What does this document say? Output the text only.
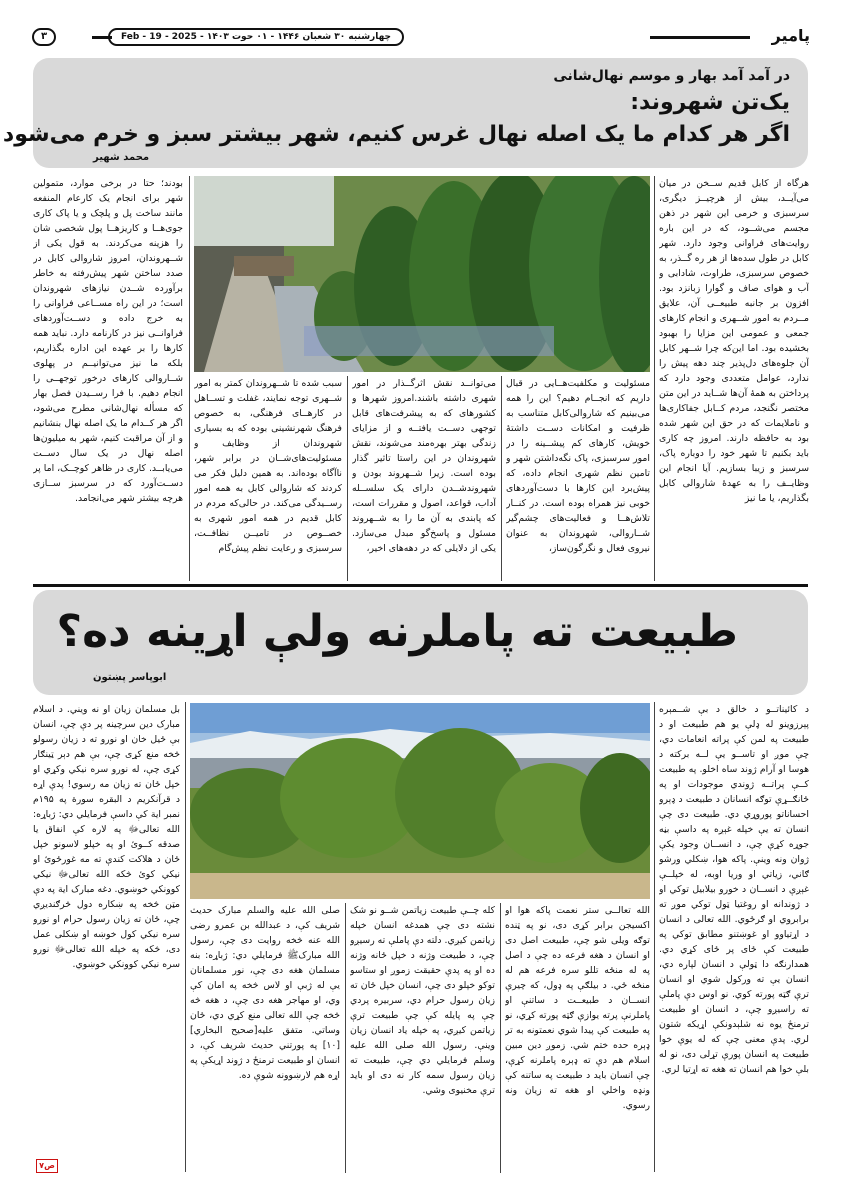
پامیر
چهارشنبه ۳۰ شعبان ۱۴۴۶ - ۰۱ حوت ۱۴۰۳ - Feb - 19 - 2025
۳
در آمد آمد بهار و موسم نهال‌شانی
یک‌تن شهروند:
اگر هر کدام ما یک اصله نهال غرس کنیم، شهر بیشتر سبز و خرم می‌شود
محمد شهیر

هرگاه از کابل قدیم ســخن در میان می‌آیــد، بیش از هرچیــز دیگری، سرسبزی و خرمی این شهر در ذهن مجسم می‌شــود، که در این باره روایت‌های فراوانی وجود دارد. شهر کابل در طول سده‌ها از هر ره گــذر، به خصوص سرسبزی، طراوت، شادابی و آب و هوای صاف و گوارا زبانزد بود. افزون بر جانبه طبیعــی آن، علایق مــردم به امور شــهری و انجام کارهای جمعی و عمومی این مزایا را بهبود بخشیده بود. اما این‌که چرا شــهر کابل آن جلوه‌های دل‌پذیر چند دهه پیش را ندارد، عوامل متعددی وجود دارد که پرداختن به همهٔ آن‌ها شــاید در این متن مختصر نگنجد، مردم کــابل جفاکاری‌ها و ناملایمات که در حق این شهر شده بود به حافظه دارند. امروز چه کاری باید بکنیم تا شهر خود را دوباره پاک، سرسبز و زیبا بسازیم. آیا انجام این وظایــف را به عهدهٔ شاروالی کابل بگذاریم، یا ما نیز

مسئولیت و مکلفیت‌هــایی در قبال داریم که انجــام دهیم؟ این را همه می‌بینیم که شاروالی‌کابل متناسب به ظرفیت و امکانات دســت داشتهٔ خویش، کارهای کم پیشــینه را در امور سرسبزی، پاک نگه‌داشتن شهر و تامین نظم شهری انجام داده، که پیش‌برد این کارها با دست‌آوردهای خوبی نیز همراه بوده است. در کنــار تلاش‌هــا و فعالیت‌های چشم‌گیر شــاروالی، شهروندان به عنوان نیروی فعال و نگرگون‌ساز،

می‌توانــد نقش اثرگــذار در امور شهری داشته باشند.امروز شهرها و کشورهای که به پیشرفت‌های قابل توجهی دســت یافتــه و از مزایای زندگی بهتر بهره‌مند می‌شوند، نقش شهروندان در این راستا تاثیر گذار بوده است. زیرا شــهروند بودن و شهروندشــدن دارای یک سلســله آداب، قواعد، اصول و مقررات است، که پابندی به آن ما را به شــهروند مسئول و پاسخ‌گو مبدل می‌سازد. یکی از دلایلی که در دهه‌های اخیر،

سبب شده تا شــهروندان کمتر به امور شــهری توجه نمایند، غفلت و تســاهل در کارهــای فرهنگی، به خصوص فرهنگ شهرنشینی بوده که به بسیاری شهروندان از وظایف و مسئولیت‌های‌شــان در برابر شهر، ناآگاه بوده‌اند. به همین دلیل فکر می کردند که شاروالی کابل به همه امور رســیدگی می‌کند. در حالی‌که مردم در کابل قدیم در همه امور شهری به خصــوص در تامیــن نظافــت، سرسبزی و رعایت نظم پیش‌گام

بودند؛ حتا در برخی موارد، متمولین شهر برای انجام یک کارعام المنفعه مانند ساخت پل و پلچک و یا پاک کاری جوی‌هــا و کاریزهــا پول شخصی شان را هزینه می‌کردند. به قول یکی از شــهروندان، امروز شاروالی کابل در صدد ساختن شهر پیش‌رفته به خاطر برآورده شــدن نیازهای شهروندان است؛ در این راه مســاعی فراوانی را به خرج داده و دســت‌آوردهای فراوانــی نیز در کارنامه دارد. نباید همه کارها را بر عهده این اداره بگذاریم، بلکه ما نیز می‌توانیــم در پهلوی شــاروالی کارهای درخور توجهــی را انجام دهیم. با فرا رســیدن فصل بهار که مسأله نهال‌شانی مطرح می‌شود، اگر هر کــدام ما یک اصله نهال بنشانیم و از آن مراقبت کنیم، شهر به میلیون‌ها اصله نهال در یک سال دســت می‌یابــد. کاری در ظاهر کوچــک، اما پر دســت‌آورد که در سرسبز ســازی هرچه بیشتر شهر می‌انجامد.

طبیعت ته پاملرنه ولې اړینه ده؟
ابوپاسر پښتون

د کائیناتــو د خالق د بې شــمېره پېرزوینو له ډلې یو هم طبیعت او د طبیعت په لمن کې پراته انعامات دي، چې موږ او تاســو یې لــه برکته د هوسا او آرام ژوند ساه اخلو. په طبیعت کــې پراتــه ژوندي موجودات او په ځانګــړې توګه انسانان د طبیعت د ډېرو احساناتو پوروړي دي. طبیعت دی چې انسان ته یې خپله غېږه په داسې بڼه جوړه کړې چې، د انســان وجود یکې ژوان ونه وینې. پاکه هوا، ښکلي ورشو ګاني، زیاتي او وریا اوبه، له خپلــې غېږې د انســان د خورو بیلابیل توکي او د ژوندانه او روغتيا ټول توکي موږ ته برابروي او ګرځوي. الله تعالی د انسان د اړتیاوو او غوښتنو مطابق توکي په طبیعت کې ځای پر ځای کړي دي. همدارنګه دا ټولې د انسان لپاره دي، انسان یې ته ورکول شوي او انسان ترې ګټه پورته کوي. نو اوس دې پاملې ته راسیږو چې، د انسان او طبیعت ترمنځ یوه نه شلېدونکې اړیکه شتون لري. پدې معنی چې که له یوې خوا طبیعت په انسان پورې تړلی دی، نو له بلې خوا هم انسان ته هغه ته اړتیا لري.

الله تعالــی ستر نعمت پاکه هوا او اکسیجن برابر کړی دی، نو په ټنده توګه ویلی شو چې، طبیعت اصل دی او انسان د هغه فرعه ده چې د اصل په له منځه تللو سره فرعه هم له منځه ځي. د بیلګې په ډول، که چیرې انســان د طبیعــت د ساتنې او پاملرنې پرته یوازې ګټه پورته کړي، نو په طبیعت کې پیدا شوي نعمتونه به تر ډېره حده ختم شي. زموږ دین مبین اسلام هم دې ته ډېره پاملرنه کړې، چې انسان باید د طبیعت په ساتنه کې ونډه واخلي او هغه ته زیان ونه رسوي.

کله چــې طبیعت زیاتمن شــو نو شک نشته دی چې همدغه انسان خپله زیانمن کیږي. دلته دې پاملې ته رسیږو چې، د طبیعت وژنه د خپل ځانه وژنه ده او په پدې حقیقت زموږ او ستاسو توکو خپلو دی چې، انسان خپل ځان ته زیان رسول حرام دي، سربیره پردي چې په پایله کې چې طبیعت ترې زیاتمن کیږي، په خپله یاد انسان زیان وینې. رسول الله صلی الله علیه وسلم فرمایلي دي چې، طبیعت ته زیان رسول سمه کار نه دی او باید ترې مخنیوی وشي.

صلی الله علیه والسلم مبارک حدیث شریف کې، د عبدالله بن عمرو رضی الله عنه څخه روایت دی چې، رسول الله مبارکﷺ فرمایلي دي: ژباړه: بنه مسلمان هغه دی چې، نور مسلمانان یې له ژبې او لاس څخه په امان کې وي، او مهاجر هغه دی چې، د هغه څه څخه چې الله تعالی منع کړي دي، ځان وساتي. متفق علیه[صحیح البخاري] [۱۰] په پورتني حدیث شریف کې، د انسان او طبیعت ترمنځ د ژوند اړیکې په اړه هم لارښوونه شوې ده.

بل مسلمان زیان او نه ویني. د اسلام مبارک دین سرچینه پر دې چې، انسان بې ځیل خان او نورو ته د زیان رسولو څخه منع کړی چې، بې هم دېر ټینګار کړی چې، له نورو سره نیکي وکړي او خپل ځان ته زیان مه رسوي! پدې اړه د قرآنکریم د البقره سورة په ۱۹۵م نمبر ایة کې داسې فرمایلي دي: ژباړه: الله تعالیﷻ په لاره کې انفاق یا صدقه کــوئ او په خپلو لاسونو خپل ځان د هلاکت کندې ته مه غورځوئ او نیکي کوئ څکه الله تعالیﷻ نیکي کوونکي خوښوي. دغه مبارک ایة په دې مټن څخه په ښکاره دول څرګندیږي چې، ځان ته زیان رسول حرام او نورو سره نیکي کول خوښه او ښکلی عمل دی، څکه په خپله الله تعالیﷻ نورو سره نیکي کوونکي خوښوي.

ص۷
